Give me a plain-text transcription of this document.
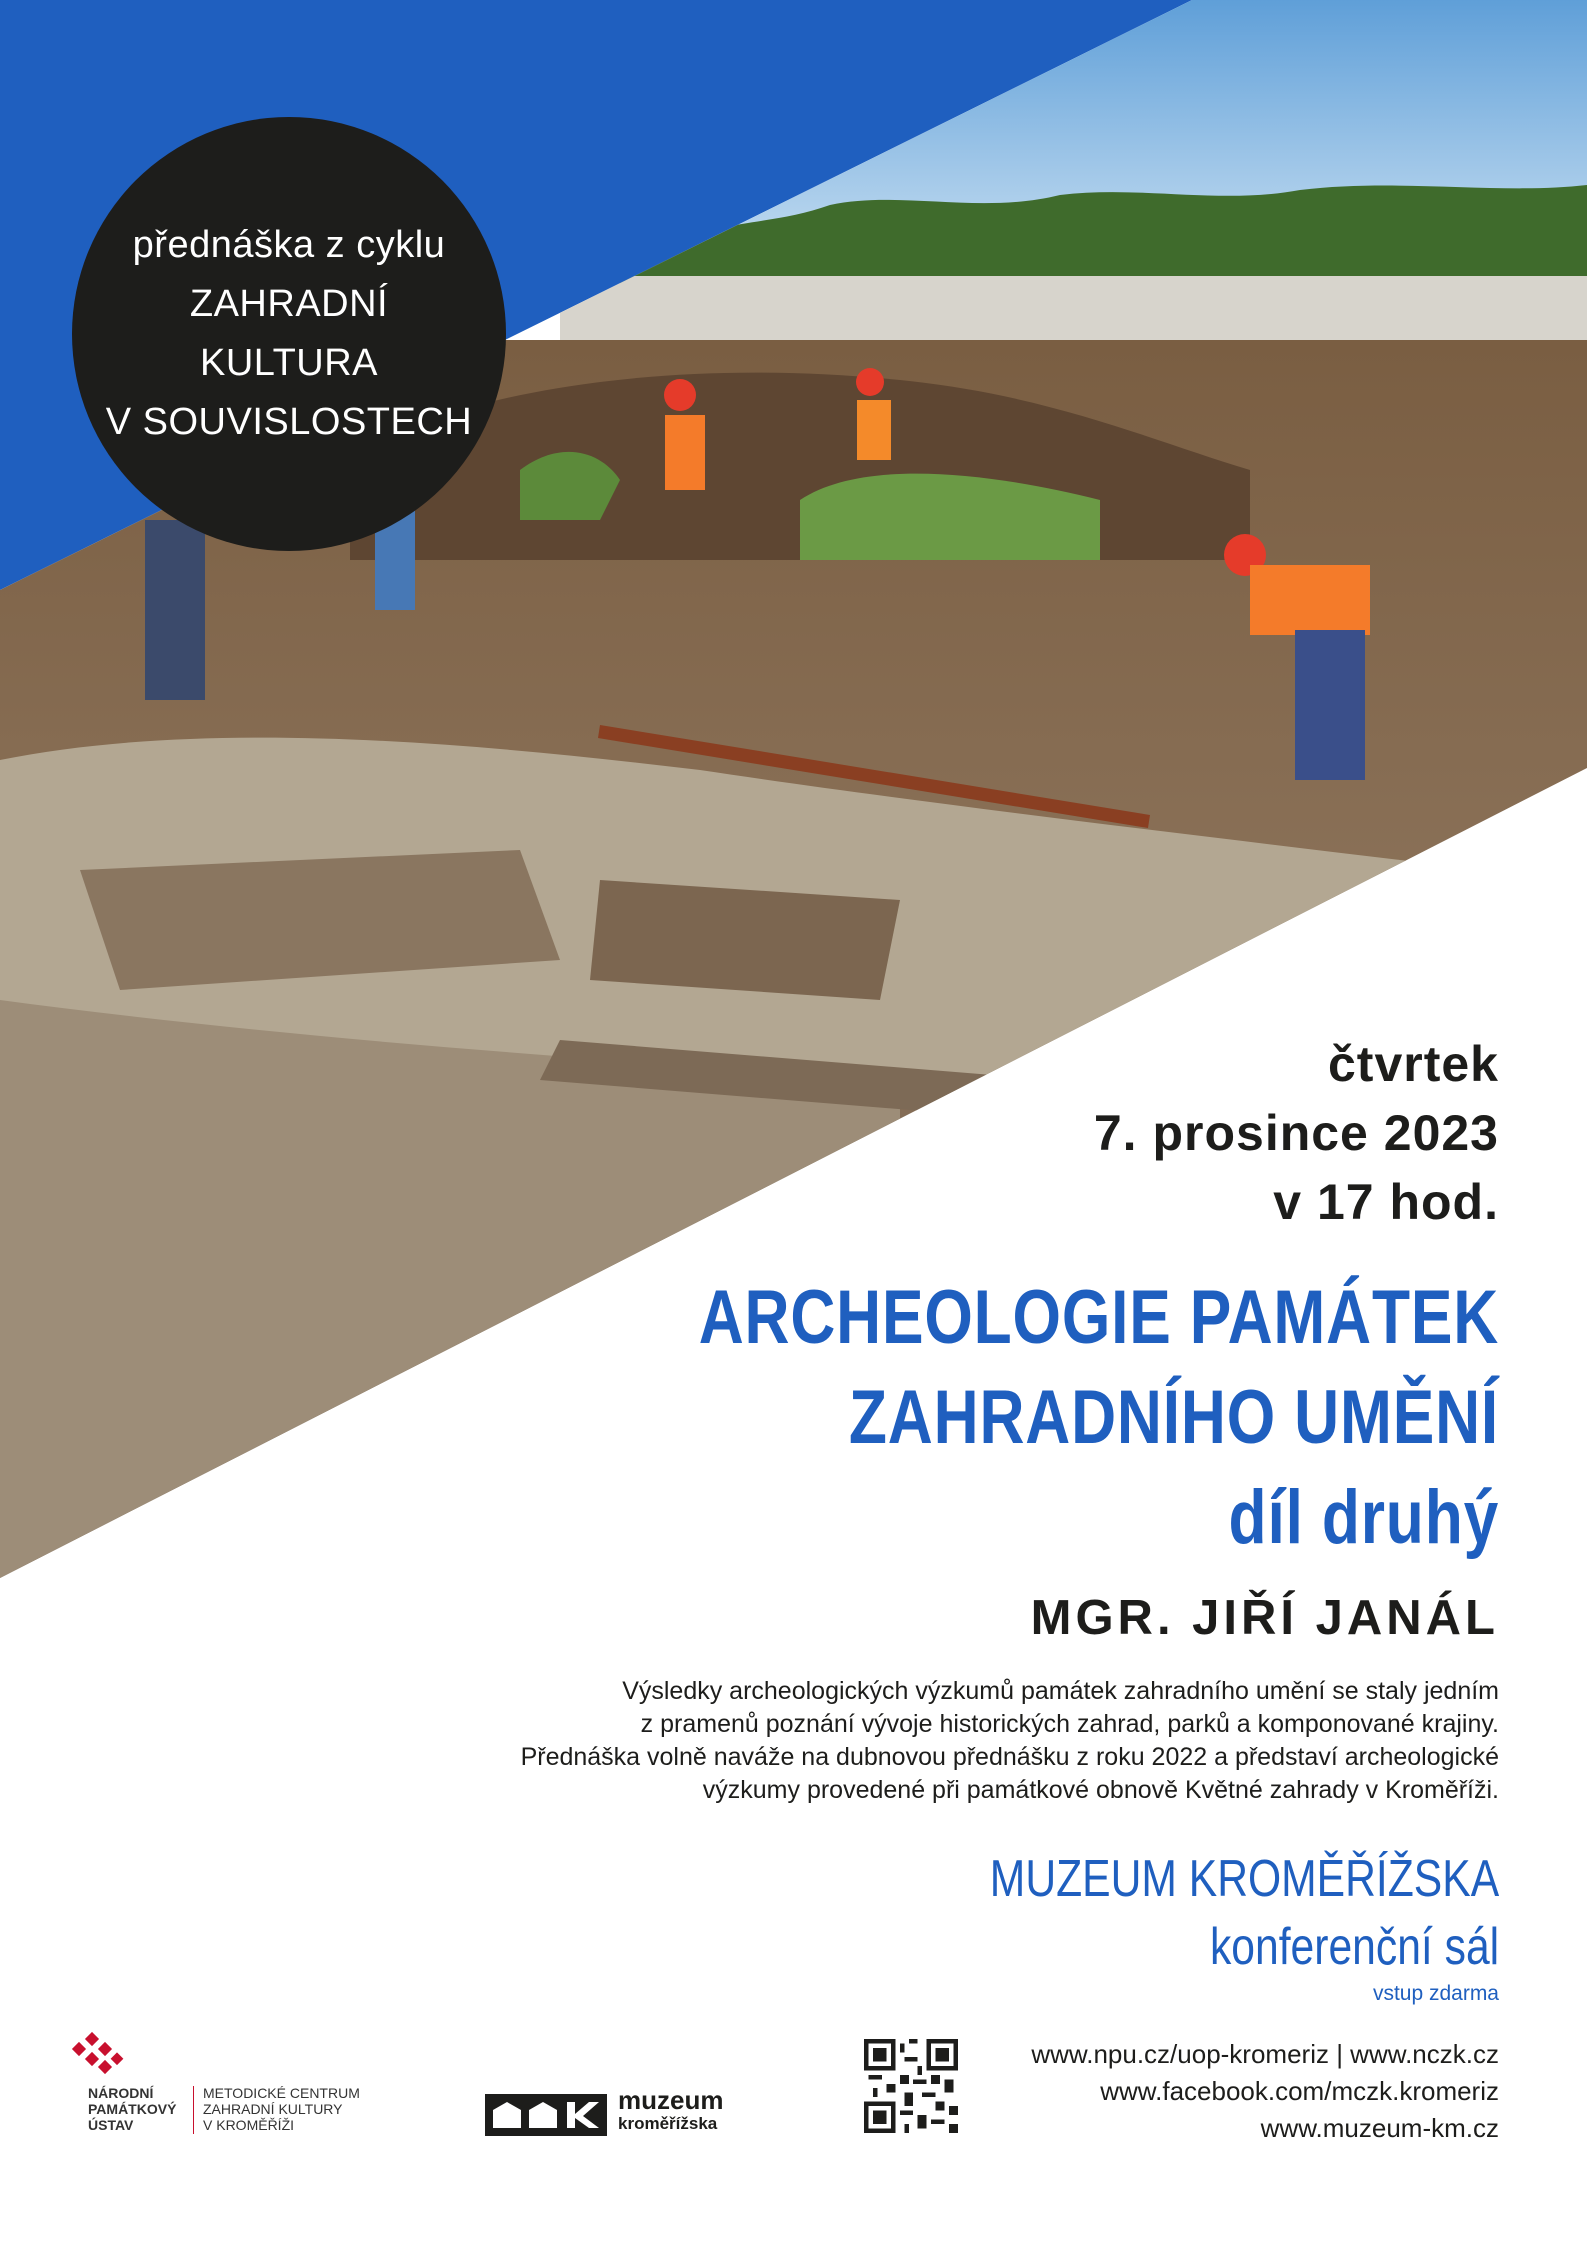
přednáška z cyklu
ZAHRADNÍ
KULTURA
V SOUVISLOSTECH
čtvrtek
7. prosince 2023
v 17 hod.
ARCHEOLOGIE PAMÁTEK
ZAHRADNÍHO UMĚNÍ
díl druhý
MGR. JIŘÍ JANÁL
Výsledky archeologických výzkumů památek zahradního umění se staly jedním
z pramenů poznání vývoje historických zahrad, parků a komponované krajiny.
Přednáška volně naváže na dubnovou přednášku z roku 2022 a představí archeologické
výzkumy provedené při památkové obnově Květné zahrady v Kroměříži.
MUZEUM KROMĚŘÍŽSKA
konferenční sál
vstup zdarma
www.npu.cz/uop-kromeriz | www.nczk.cz
www.facebook.com/mczk.kromeriz
www.muzeum-km.cz
NÁRODNÍ
PAMÁTKOVÝ
ÚSTAV
METODICKÉ CENTRUM
ZAHRADNÍ KULTURY
V KROMĚŘÍŽI
muzeum
kroměřížska
